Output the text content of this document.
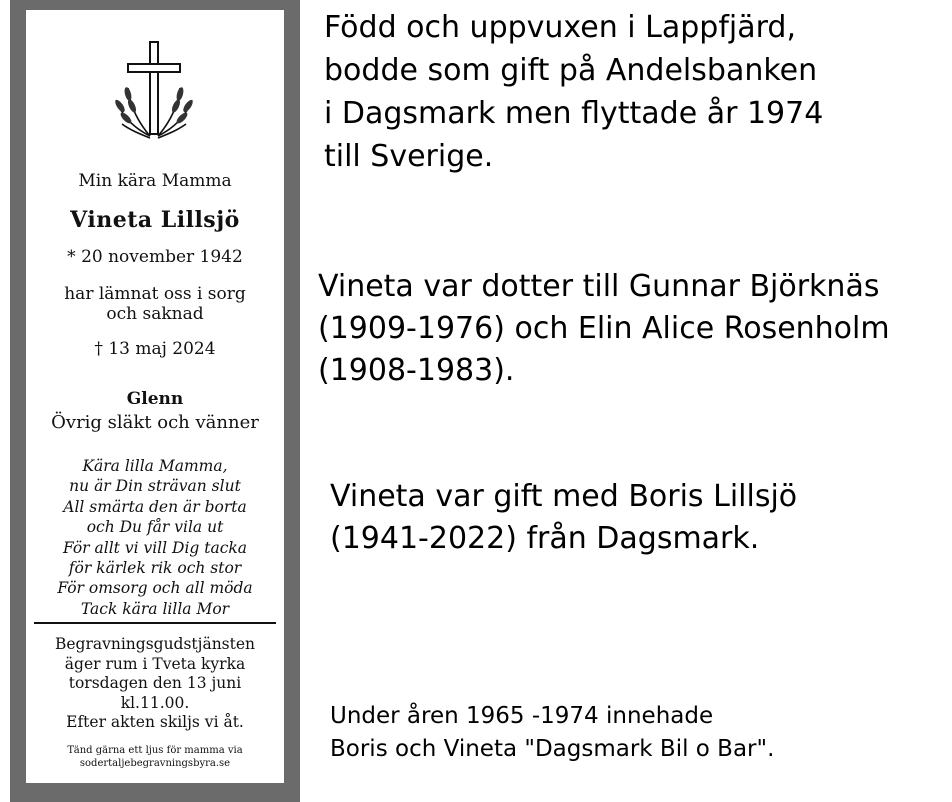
Min kära Mamma

Vineta Lillsjö

* 20 november 1942

har lämnat oss i sorg

och saknad

† 13 maj 2024

Glenn

Övrig släkt och vänner

Kära lilla Mamma,
nu är Din strävan slut
All smärta den är borta
och Du får vila ut
För allt vi vill Dig tacka
för kärlek rik och stor
För omsorg och all möda
Tack kära lilla Mor
Begravningsgudstjänsten
äger rum i Tveta kyrka
torsdagen den 13 juni
kl.11.00.
Efter akten skiljs vi åt.
Tänd gärna ett ljus för mamma via
sodertaljebegravningsbyra.se
Född och uppvuxen i Lappfjärd,
bodde som gift på Andelsbanken
i Dagsmark men flyttade år 1974
till Sverige.
Vineta var dotter till Gunnar Björknäs
(1909-1976) och Elin Alice Rosenholm
(1908-1983).
Vineta var gift med Boris Lillsjö
(1941-2022) från Dagsmark.
Under åren 1965 -1974 innehade
Boris och Vineta "Dagsmark Bil o Bar".
